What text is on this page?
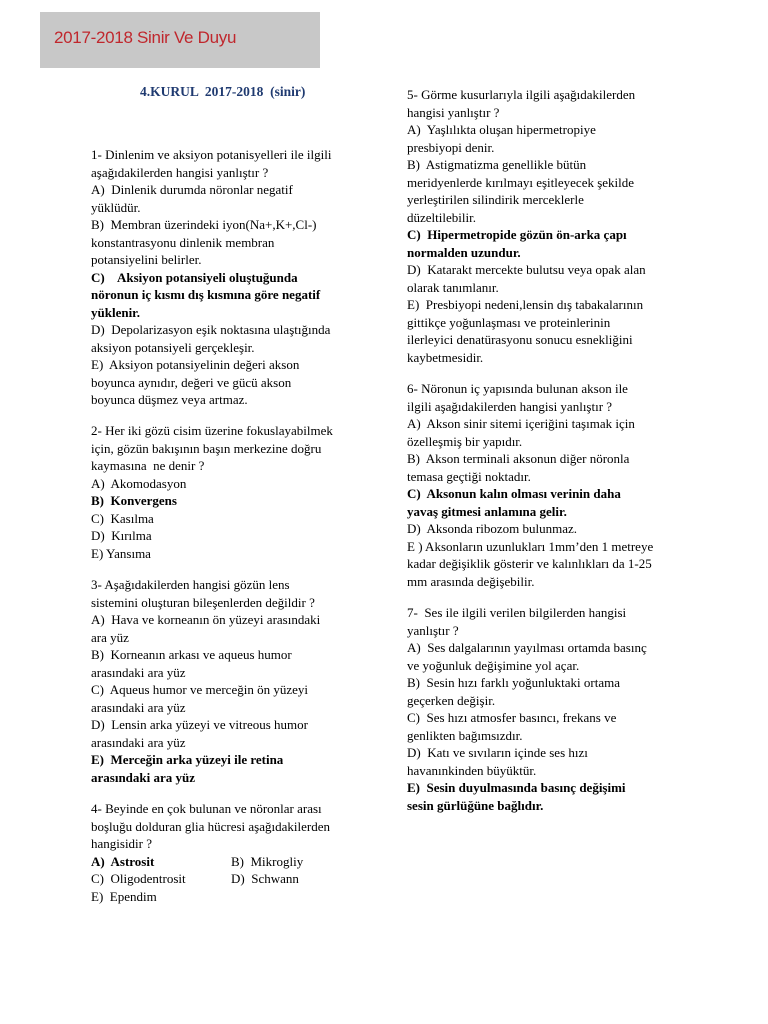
2017-2018 Sinir Ve Duyu
4.KURUL  2017-2018  (sinir)
1- Dinlenim ve aksiyon potanisyelleri ile ilgili
aşağıdakilerden hangisi yanlıştır ?
A)  Dinlenik durumda nöronlar negatif
yüklüdür.
B)  Membran üzerindeki iyon(Na+,K+,Cl-)
konstantrasyonu dinlenik membran
potansiyelini belirler.
C)    Aksiyon potansiyeli oluştuğunda
nöronun iç kısmı dış kısmına göre negatif
yüklenir.
D)  Depolarizasyon eşik noktasına ulaştığında
aksiyon potansiyeli gerçekleşir.
E)  Aksiyon potansiyelinin değeri akson
boyunca aynıdır, değeri ve gücü akson
boyunca düşmez veya artmaz.
2- Her iki gözü cisim üzerine fokuslayabilmek
için, gözün bakışının başın merkezine doğru
kaymasına  ne denir ?
A)  Akomodasyon
B)  Konvergens
C)  Kasılma
D)  Kırılma
E) Yansıma
3- Aşağıdakilerden hangisi gözün lens
sistemini oluşturan bileşenlerden değildir ?
A)  Hava ve korneanın ön yüzeyi arasındaki
ara yüz
B)  Korneanın arkası ve aqueus humor
arasındaki ara yüz
C)  Aqueus humor ve merceğin ön yüzeyi
arasındaki ara yüz
D)  Lensin arka yüzeyi ve vitreous humor
arasındaki ara yüz
E)  Merceğin arka yüzeyi ile retina
arasındaki ara yüz
4- Beyinde en çok bulunan ve nöronlar arası
boşluğu dolduran glia hücresi aşağıdakilerden
hangisidir ?
A)  Astrosit	B)  Mikrogliy
C)  Oligodentrosit	D)  Schwann
E)  Ependim
5- Görme kusurlarıyla ilgili aşağıdakilerden
hangisi yanlıştır ?
A)  Yaşlılıkta oluşan hipermetropiye
presbiyopi denir.
B)  Astigmatizma genellikle bütün
meridyenlerde kırılmayı eşitleyecek şekilde
yerleştirilen silindirik merceklerle
düzeltilebilir.
C)  Hipermetropide gözün ön-arka çapı
normalden uzundur.
D)  Katarakt mercekte bulutsu veya opak alan
olarak tanımlanır.
E)  Presbiyopi nedeni,lensin dış tabakalarının
gittikçe yoğunlaşması ve proteinlerinin
ilerleyici denatürasyonu sonucu esnekliğini
kaybetmesidir.
6- Nöronun iç yapısında bulunan akson ile
ilgili aşağıdakilerden hangisi yanlıştır ?
A)  Akson sinir sitemi içeriğini taşımak için
özelleşmiş bir yapıdır.
B)  Akson terminali aksonun diğer nöronla
temasa geçtiği noktadır.
C)  Aksonun kalın olması verinin daha
yavaş gitmesi anlamına gelir.
D)  Aksonda ribozom bulunmaz.
E ) Aksonların uzunlukları 1mm’den 1 metreye
kadar değişiklik gösterir ve kalınlıkları da 1-25
mm arasında değişebilir.
7-  Ses ile ilgili verilen bilgilerden hangisi
yanlıştır ?
A)  Ses dalgalarının yayılması ortamda basınç
ve yoğunluk değişimine yol açar.
B)  Sesin hızı farklı yoğunluktaki ortama
geçerken değişir.
C)  Ses hızı atmosfer basıncı, frekans ve
genlikten bağımsızdır.
D)  Katı ve sıvıların içinde ses hızı
havanınkinden büyüktür.
E)  Sesin duyulmasında basınç değişimi
sesin gürlüğüne bağlıdır.
